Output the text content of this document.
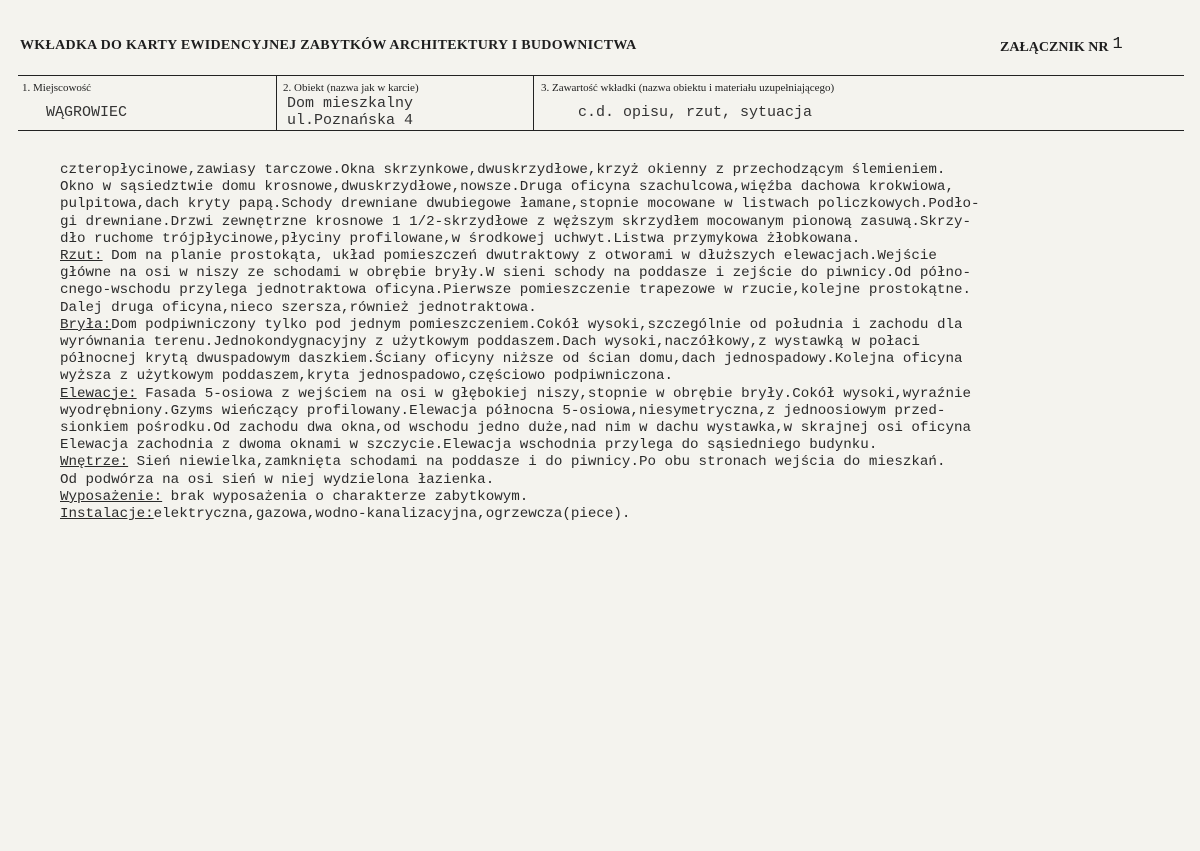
WKŁADKA DO KARTY EWIDENCYJNEJ ZABYTKÓW ARCHITEKTURY I BUDOWNICTWA	ZAŁĄCZNIK NR 1
1. Miejscowość
WĄGROWIEC
2. Obiekt (nazwa jak w karcie)
Dom mieszkalny
ul.Poznańska 4
3. Zawartość wkładki (nazwa obiektu i materiału uzupełniającego)
c.d. opisu, rzut, sytuacja
czteropłycinowe,zawiasy tarczowe.Okna skrzynkowe,dwuskrzydłowe,krzyż okienny z przechodzącym ślemieniem.
Okno w sąsiedztwie domu krosnowe,dwuskrzydłowe,nowsze.Druga oficyna szachulcowa,więźba dachowa krokwiowa,
pulpitowa,dach kryty papą.Schody drewniane dwubiegowe łamane,stopnie mocowane w listwach policzkowych.Podło-
gi drewniane.Drzwi zewnętrzne krosnowe 1 1/2-skrzydłowe z węższym skrzydłem mocowanym pionową zasuwą.Skrzy-
dło ruchome trójpłycinowe,płyciny profilowane,w środkowej uchwyt.Listwa przymykowa żłobkowana.
Rzut: Dom na planie prostokąta, układ pomieszczeń dwutraktowy z otworami w dłuższych elewacjach.Wejście
główne na osi w niszy ze schodami w obrębie bryły.W sieni schody na poddasze i zejście do piwnicy.Od półno-
cnego-wschodu przylega jednotraktowa oficyna.Pierwsze pomieszczenie trapezowe w rzucie,kolejne prostokątne.
Dalej druga oficyna,nieco szersza,również jednotraktowa.
Bryła:Dom podpiwniczony tylko pod jednym pomieszczeniem.Cokół wysoki,szczególnie od południa i zachodu dla
wyrównania terenu.Jednokondygnacyjny z użytkowym poddaszem.Dach wysoki,naczółkowy,z wystawką w połaci
północnej krytą dwuspadowym daszkiem.Ściany oficyny niższe od ścian domu,dach jednospadowy.Kolejna oficyna
wyższa z użytkowym poddaszem,kryta jednospadowo,częściowo podpiwniczona.
Elewacje: Fasada 5-osiowa z wejściem na osi w głębokiej niszy,stopnie w obrębie bryły.Cokół wysoki,wyraźnie
wyodrębniony.Gzyms wieńczący profilowany.Elewacja północna 5-osiowa,niesymetryczna,z jednoosiowym przed-
sionkiem pośrodku.Od zachodu dwa okna,od wschodu jedno duże,nad nim w dachu wystawka,w skrajnej osi oficyna
Elewacja zachodnia z dwoma oknami w szczycie.Elewacja wschodnia przylega do sąsiedniego budynku.
Wnętrze: Sień niewielka,zamknięta schodami na poddasze i do piwnicy.Po obu stronach wejścia do mieszkań.
Od podwórza na osi sień w niej wydzielona łazienka.
Wyposażenie: brak wyposażenia o charakterze zabytkowym.
Instalacje:elektryczna,gazowa,wodno-kanalizacyjna,ogrzewcza(piece).
